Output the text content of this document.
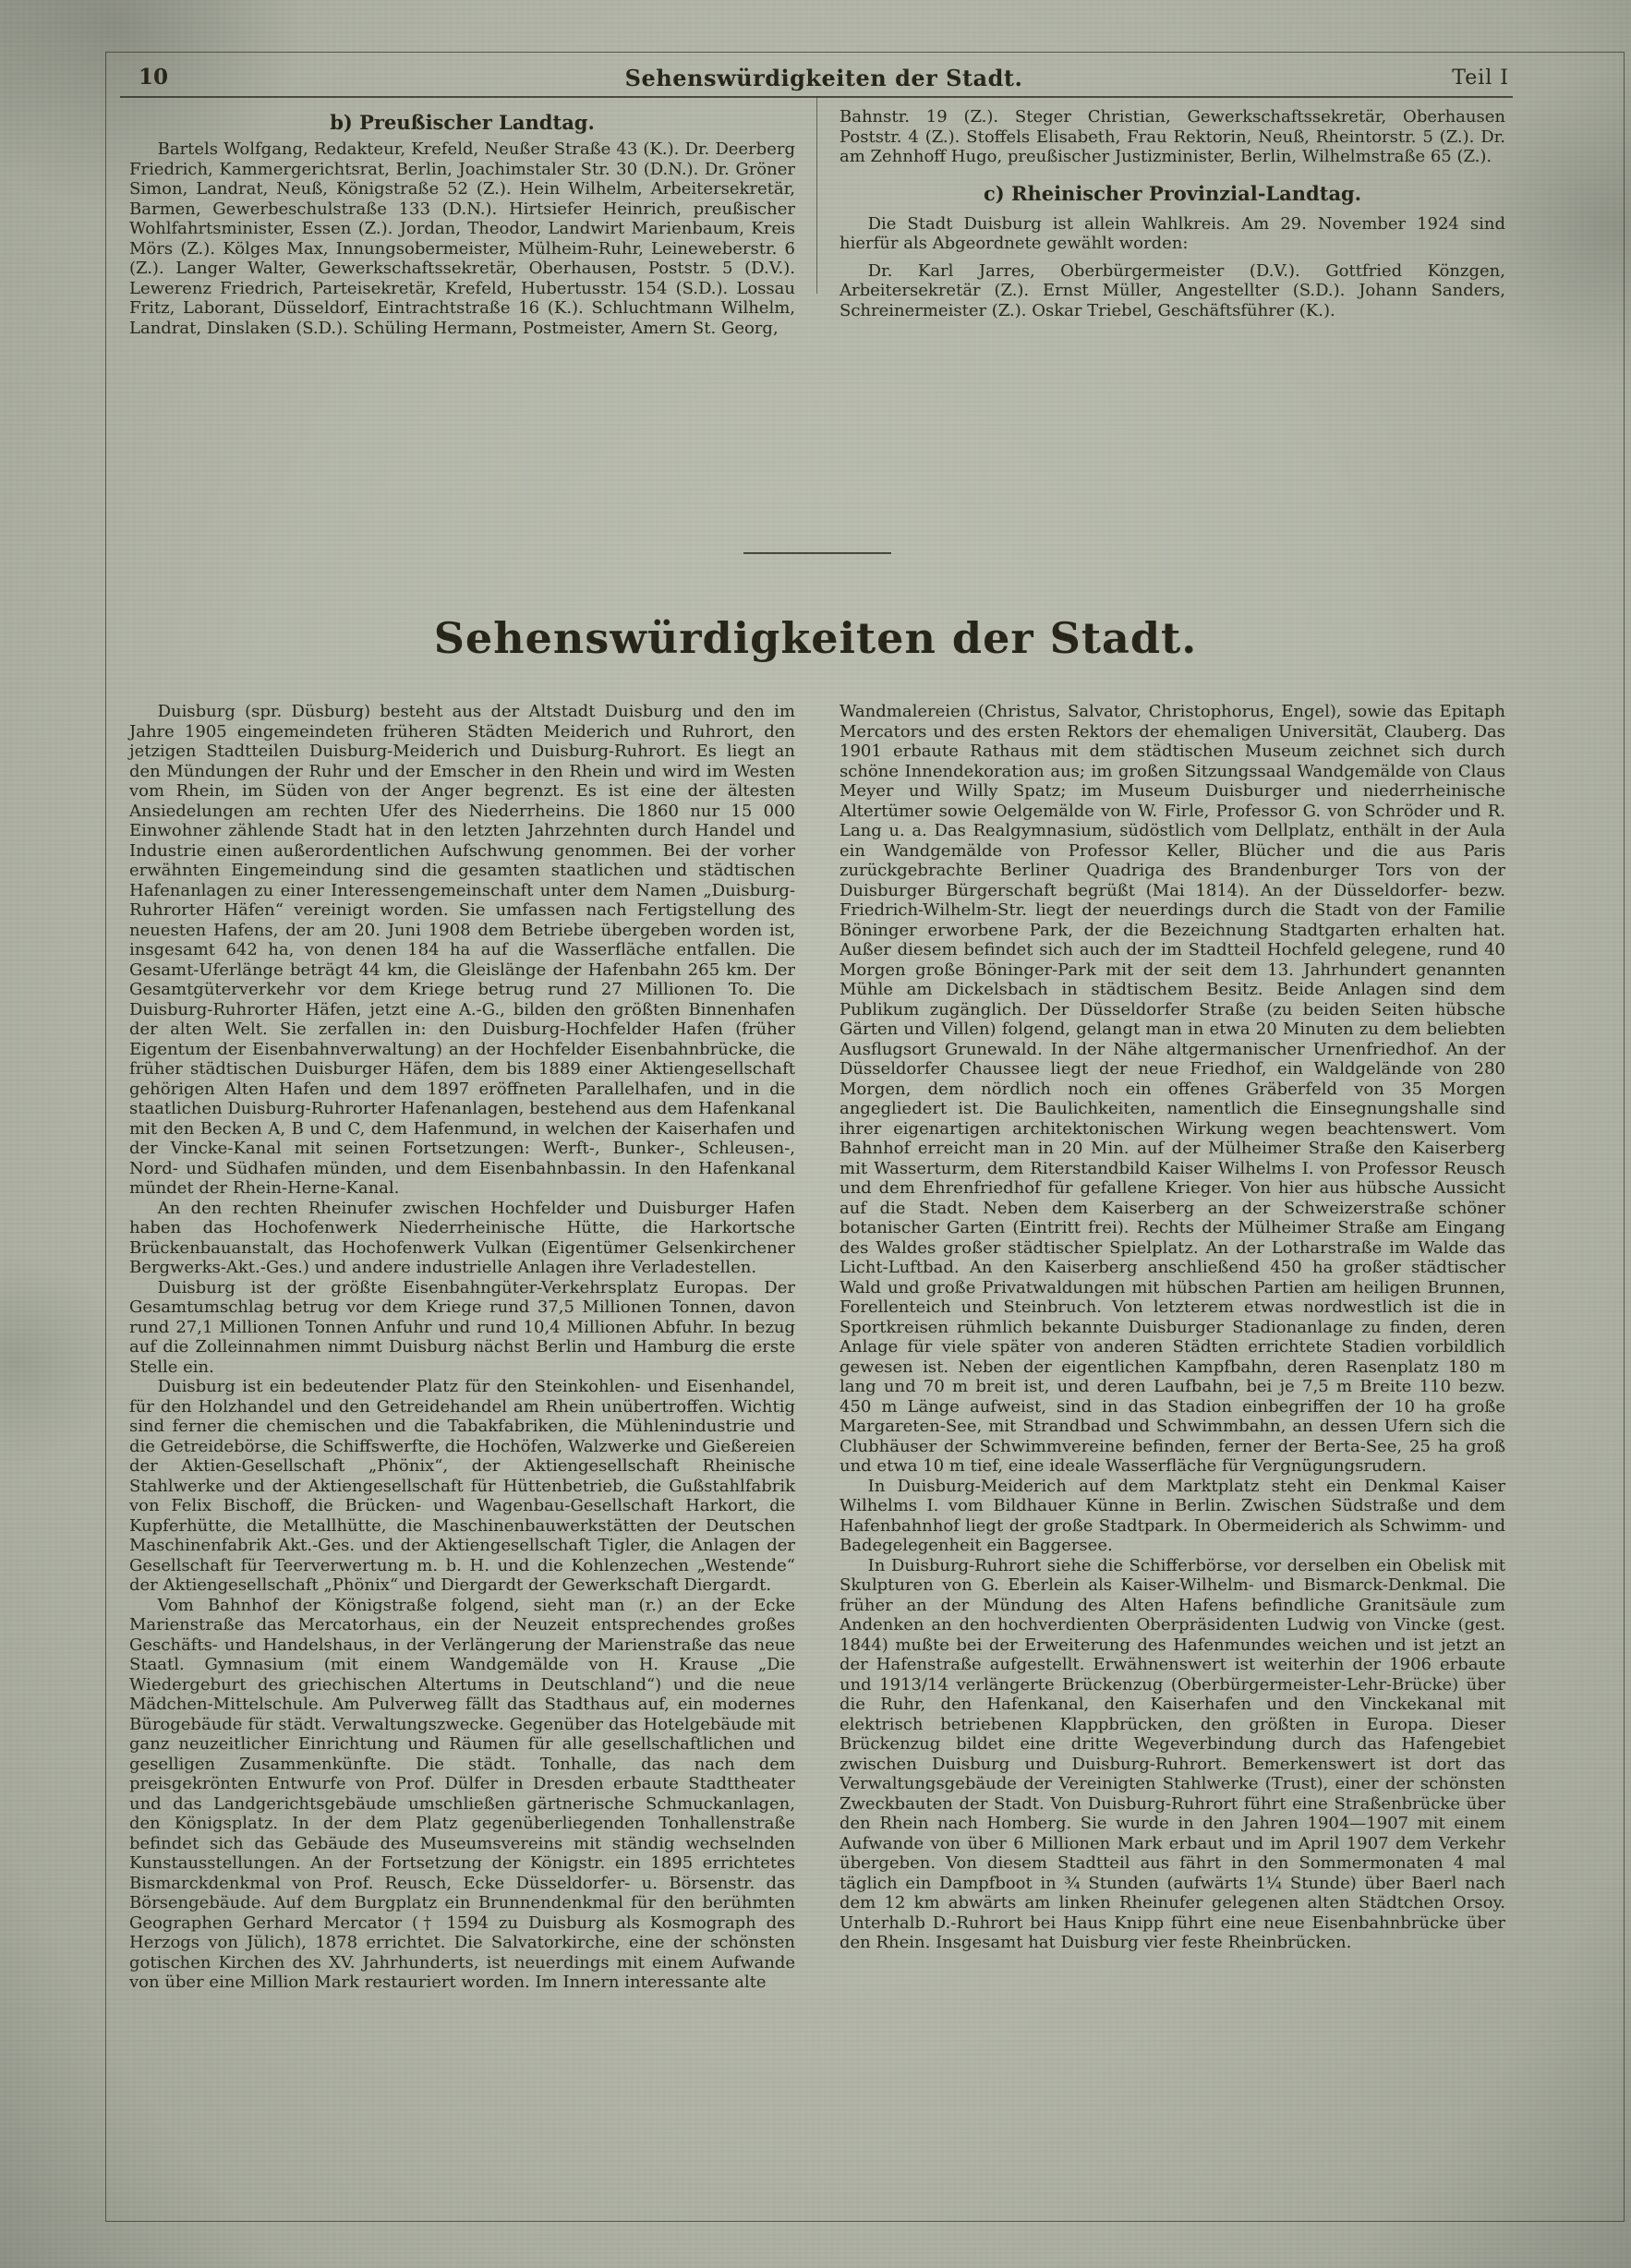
10	Sehenswürdigkeiten der Stadt.	Teil I
b) Preußischer Landtag.

Bartels Wolfgang, Redakteur, Krefeld, Neußer Straße 43 (K.). Dr. Deerberg Friedrich, Kammergerichtsrat, Berlin, Joachimstaler Str. 30 (D.N.). Dr. Gröner Simon, Landrat, Neuß, Königstraße 52 (Z.). Hein Wilhelm, Arbeitersekretär, Barmen, Gewerbeschulstraße 133 (D.N.). Hirtsiefer Heinrich, preußischer Wohlfahrtsminister, Essen (Z.). Jordan, Theodor, Landwirt Marienbaum, Kreis Mörs (Z.). Kölges Max, Innungsobermeister, Mülheim-Ruhr, Leineweberstr. 6 (Z.). Langer Walter, Gewerkschaftssekretär, Oberhausen, Poststr. 5 (D.V.). Lewerenz Friedrich, Parteisekretär, Krefeld, Hubertusstr. 154 (S.D.). Lossau Fritz, Laborant, Düsseldorf, Eintrachtstraße 16 (K.). Schluchtmann Wilhelm, Landrat, Dinslaken (S.D.). Schüling Hermann, Postmeister, Amern St. Georg,

Bahnstr. 19 (Z.). Steger Christian, Gewerkschaftssekretär, Oberhausen Poststr. 4 (Z.). Stoffels Elisabeth, Frau Rektorin, Neuß, Rheintorstr. 5 (Z.). Dr. am Zehnhoff Hugo, preußischer Justizminister, Berlin, Wilhelmstraße 65 (Z.).

c) Rheinischer Provinzial-Landtag.

Die Stadt Duisburg ist allein Wahlkreis. Am 29. November 1924 sind hierfür als Abgeordnete gewählt worden:

Dr. Karl Jarres, Oberbürgermeister (D.V.). Gottfried Könzgen, Arbeitersekretär (Z.). Ernst Müller, Angestellter (S.D.). Johann Sanders, Schreinermeister (Z.). Oskar Triebel, Geschäftsführer (K.).

Sehenswürdigkeiten der Stadt.

Duisburg (spr. Düsburg) besteht aus der Altstadt Duisburg und den im Jahre 1905 eingemeindeten früheren Städten Meiderich und Ruhrort, den jetzigen Stadtteilen Duisburg-Meiderich und Duisburg-Ruhrort. Es liegt an den Mündungen der Ruhr und der Emscher in den Rhein und wird im Westen vom Rhein, im Süden von der Anger begrenzt. Es ist eine der ältesten Ansiedelungen am rechten Ufer des Niederrheins. Die 1860 nur 15 000 Einwohner zählende Stadt hat in den letzten Jahrzehnten durch Handel und Industrie einen außerordentlichen Aufschwung genommen. Bei der vorher erwähnten Eingemeindung sind die gesamten staatlichen und städtischen Hafenanlagen zu einer Interessengemeinschaft unter dem Namen „Duisburg-Ruhrorter Häfen“ vereinigt worden. Sie umfassen nach Fertigstellung des neuesten Hafens, der am 20. Juni 1908 dem Betriebe übergeben worden ist, insgesamt 642 ha, von denen 184 ha auf die Wasserfläche entfallen. Die Gesamt-Uferlänge beträgt 44 km, die Gleislänge der Hafenbahn 265 km. Der Gesamtgüterverkehr vor dem Kriege betrug rund 27 Millionen To. Die Duisburg-Ruhrorter Häfen, jetzt eine A.-G., bilden den größten Binnenhafen der alten Welt. Sie zerfallen in: den Duisburg-Hochfelder Hafen (früher Eigentum der Eisenbahnverwaltung) an der Hochfelder Eisenbahnbrücke, die früher städtischen Duisburger Häfen, dem bis 1889 einer Aktiengesellschaft gehörigen Alten Hafen und dem 1897 eröffneten Parallelhafen, und in die staatlichen Duisburg-Ruhrorter Hafenanlagen, bestehend aus dem Hafenkanal mit den Becken A, B und C, dem Hafenmund, in welchen der Kaiserhafen und der Vincke-Kanal mit seinen Fortsetzungen: Werft-, Bunker-, Schleusen-, Nord- und Südhafen münden, und dem Eisenbahnbassin. In den Hafenkanal mündet der Rhein-Herne-Kanal.

An den rechten Rheinufer zwischen Hochfelder und Duisburger Hafen haben das Hochofenwerk Niederrheinische Hütte, die Harkortsche Brückenbauanstalt, das Hochofenwerk Vulkan (Eigentümer Gelsenkirchener Bergwerks-Akt.-Ges.) und andere industrielle Anlagen ihre Verladestellen.

Duisburg ist der größte Eisenbahngüter-Verkehrsplatz Europas. Der Gesamtumschlag betrug vor dem Kriege rund 37,5 Millionen Tonnen, davon rund 27,1 Millionen Tonnen Anfuhr und rund 10,4 Millionen Abfuhr. In bezug auf die Zolleinnahmen nimmt Duisburg nächst Berlin und Hamburg die erste Stelle ein.

Duisburg ist ein bedeutender Platz für den Steinkohlen- und Eisenhandel, für den Holzhandel und den Getreidehandel am Rhein unübertroffen. Wichtig sind ferner die chemischen und die Tabakfabriken, die Mühlenindustrie und die Getreidebörse, die Schiffswerfte, die Hochöfen, Walzwerke und Gießereien der Aktien-Gesellschaft „Phönix“, der Aktiengesellschaft Rheinische Stahlwerke und der Aktiengesellschaft für Hüttenbetrieb, die Gußstahlfabrik von Felix Bischoff, die Brücken- und Wagenbau-Gesellschaft Harkort, die Kupferhütte, die Metallhütte, die Maschinenbauwerkstätten der Deutschen Maschinenfabrik Akt.-Ges. und der Aktiengesellschaft Tigler, die Anlagen der Gesellschaft für Teerverwertung m. b. H. und die Kohlenzechen „Westende“ der Aktiengesellschaft „Phönix“ und Diergardt der Gewerkschaft Diergardt.

Vom Bahnhof der Königstraße folgend, sieht man (r.) an der Ecke Marienstraße das Mercatorhaus, ein der Neuzeit entsprechendes großes Geschäfts- und Handelshaus, in der Verlängerung der Marienstraße das neue Staatl. Gymnasium (mit einem Wandgemälde von H. Krause „Die Wiedergeburt des griechischen Altertums in Deutschland“) und die neue Mädchen-Mittelschule. Am Pulverweg fällt das Stadthaus auf, ein modernes Bürogebäude für städt. Verwaltungszwecke. Gegenüber das Hotelgebäude mit ganz neuzeitlicher Einrichtung und Räumen für alle gesellschaftlichen und geselligen Zusammenkünfte. Die städt. Tonhalle, das nach dem preisgekrönten Entwurfe von Prof. Dülfer in Dresden erbaute Stadttheater und das Landgerichtsgebäude umschließen gärtnerische Schmuckanlagen, den Königsplatz. In der dem Platz gegenüberliegenden Tonhallenstraße befindet sich das Gebäude des Museumsvereins mit ständig wechselnden Kunstausstellungen. An der Fortsetzung der Königstr. ein 1895 errichtetes Bismarckdenkmal von Prof. Reusch, Ecke Düsseldorfer- u. Börsenstr. das Börsengebäude. Auf dem Burgplatz ein Brunnendenkmal für den berühmten Geographen Gerhard Mercator († 1594 zu Duisburg als Kosmograph des Herzogs von Jülich), 1878 errichtet. Die Salvatorkirche, eine der schönsten gotischen Kirchen des XV. Jahrhunderts, ist neuerdings mit einem Aufwande von über eine Million Mark restauriert worden. Im Innern interessante alte

Wandmalereien (Christus, Salvator, Christophorus, Engel), sowie das Epitaph Mercators und des ersten Rektors der ehemaligen Universität, Clauberg. Das 1901 erbaute Rathaus mit dem städtischen Museum zeichnet sich durch schöne Innendekoration aus; im großen Sitzungssaal Wandgemälde von Claus Meyer und Willy Spatz; im Museum Duisburger und niederrheinische Altertümer sowie Oelgemälde von W. Firle, Professor G. von Schröder und R. Lang u. a. Das Realgymnasium, südöstlich vom Dellplatz, enthält in der Aula ein Wandgemälde von Professor Keller, Blücher und die aus Paris zurückgebrachte Berliner Quadriga des Brandenburger Tors von der Duisburger Bürgerschaft begrüßt (Mai 1814). An der Düsseldorfer- bezw. Friedrich-Wilhelm-Str. liegt der neuerdings durch die Stadt von der Familie Böninger erworbene Park, der die Bezeichnung Stadtgarten erhalten hat. Außer diesem befindet sich auch der im Stadtteil Hochfeld gelegene, rund 40 Morgen große Böninger-Park mit der seit dem 13. Jahrhundert genannten Mühle am Dickelsbach in städtischem Besitz. Beide Anlagen sind dem Publikum zugänglich. Der Düsseldorfer Straße (zu beiden Seiten hübsche Gärten und Villen) folgend, gelangt man in etwa 20 Minuten zu dem beliebten Ausflugsort Grunewald. In der Nähe altgermanischer Urnenfriedhof. An der Düsseldorfer Chaussee liegt der neue Friedhof, ein Waldgelände von 280 Morgen, dem nördlich noch ein offenes Gräberfeld von 35 Morgen angegliedert ist. Die Baulichkeiten, namentlich die Einsegnungshalle sind ihrer eigenartigen architektonischen Wirkung wegen beachtenswert. Vom Bahnhof erreicht man in 20 Min. auf der Mülheimer Straße den Kaiserberg mit Wasserturm, dem Riterstandbild Kaiser Wilhelms I. von Professor Reusch und dem Ehrenfriedhof für gefallene Krieger. Von hier aus hübsche Aussicht auf die Stadt. Neben dem Kaiserberg an der Schweizerstraße schöner botanischer Garten (Eintritt frei). Rechts der Mülheimer Straße am Eingang des Waldes großer städtischer Spielplatz. An der Lotharstraße im Walde das Licht-Luftbad. An den Kaiserberg anschließend 450 ha großer städtischer Wald und große Privatwaldungen mit hübschen Partien am heiligen Brunnen, Forellenteich und Steinbruch. Von letzterem etwas nordwestlich ist die in Sportkreisen rühmlich bekannte Duisburger Stadionanlage zu finden, deren Anlage für viele später von anderen Städten errichtete Stadien vorbildlich gewesen ist. Neben der eigentlichen Kampfbahn, deren Rasenplatz 180 m lang und 70 m breit ist, und deren Laufbahn, bei je 7,5 m Breite 110 bezw. 450 m Länge aufweist, sind in das Stadion einbegriffen der 10 ha große Margareten-See, mit Strandbad und Schwimmbahn, an dessen Ufern sich die Clubhäuser der Schwimmvereine befinden, ferner der Berta-See, 25 ha groß und etwa 10 m tief, eine ideale Wasserfläche für Vergnügungsrudern.

In Duisburg-Meiderich auf dem Marktplatz steht ein Denkmal Kaiser Wilhelms I. vom Bildhauer Künne in Berlin. Zwischen Südstraße und dem Hafenbahnhof liegt der große Stadtpark. In Obermeiderich als Schwimm- und Badegelegenheit ein Baggersee.

In Duisburg-Ruhrort siehe die Schifferbörse, vor derselben ein Obelisk mit Skulpturen von G. Eberlein als Kaiser-Wilhelm- und Bismarck-Denkmal. Die früher an der Mündung des Alten Hafens befindliche Granitsäule zum Andenken an den hochverdienten Oberpräsidenten Ludwig von Vincke (gest. 1844) mußte bei der Erweiterung des Hafenmundes weichen und ist jetzt an der Hafenstraße aufgestellt. Erwähnenswert ist weiterhin der 1906 erbaute und 1913/14 verlängerte Brückenzug (Oberbürgermeister-Lehr-Brücke) über die Ruhr, den Hafenkanal, den Kaiserhafen und den Vinckekanal mit elektrisch betriebenen Klappbrücken, den größten in Europa. Dieser Brückenzug bildet eine dritte Wegeverbindung durch das Hafengebiet zwischen Duisburg und Duisburg-Ruhrort. Bemerkenswert ist dort das Verwaltungsgebäude der Vereinigten Stahlwerke (Trust), einer der schönsten Zweckbauten der Stadt. Von Duisburg-Ruhrort führt eine Straßenbrücke über den Rhein nach Homberg. Sie wurde in den Jahren 1904—1907 mit einem Aufwande von über 6 Millionen Mark erbaut und im April 1907 dem Verkehr übergeben. Von diesem Stadtteil aus fährt in den Sommermonaten 4 mal täglich ein Dampfboot in ¾ Stunden (aufwärts 1¼ Stunde) über Baerl nach dem 12 km abwärts am linken Rheinufer gelegenen alten Städtchen Orsoy. Unterhalb D.-Ruhrort bei Haus Knipp führt eine neue Eisenbahnbrücke über den Rhein. Insgesamt hat Duisburg vier feste Rheinbrücken.
